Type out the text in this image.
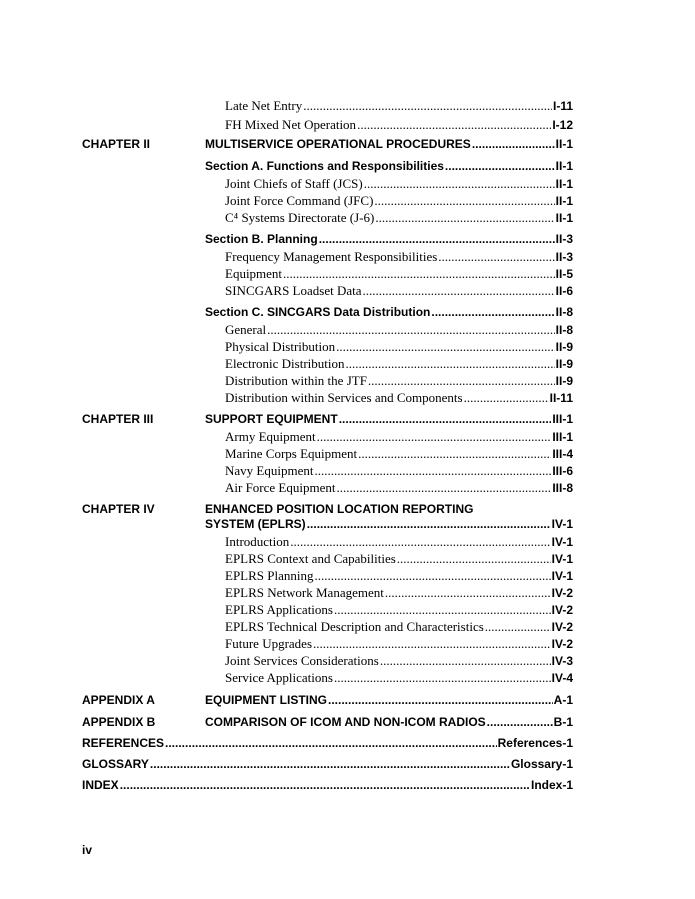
Late Net Entry .....	I-11
FH Mixed Net Operation .....	I-12
CHAPTER II	MULTISERVICE OPERATIONAL PROCEDURES .....	II-1
Section A. Functions and Responsibilities .....	II-1
Joint Chiefs of Staff (JCS) .....	II-1
Joint Force Command (JFC) .....	II-1
C⁴ Systems Directorate (J-6) .....	II-1
Section B. Planning .....	II-3
Frequency Management Responsibilities .....	II-3
Equipment .....	II-5
SINCGARS Loadset Data .....	II-6
Section C. SINCGARS Data Distribution .....	II-8
General .....	II-8
Physical Distribution .....	II-9
Electronic Distribution .....	II-9
Distribution within the JTF .....	II-9
Distribution within Services and Components .....	II-11
CHAPTER III	SUPPORT EQUIPMENT .....	III-1
Army Equipment .....	III-1
Marine Corps Equipment .....	III-4
Navy Equipment .....	III-6
Air Force Equipment .....	III-8
CHAPTER IV	ENHANCED POSITION LOCATION REPORTING
SYSTEM (EPLRS) .....	IV-1
Introduction .....	IV-1
EPLRS Context and Capabilities .....	IV-1
EPLRS Planning .....	IV-1
EPLRS Network Management .....	IV-2
EPLRS Applications .....	IV-2
EPLRS Technical Description and Characteristics .....	IV-2
Future Upgrades .....	IV-2
Joint Services Considerations .....	IV-3
Service Applications .....	IV-4
APPENDIX A	EQUIPMENT LISTING .....	A-1
APPENDIX B	COMPARISON OF ICOM AND NON-ICOM RADIOS .....	B-1
REFERENCES .....	References-1
GLOSSARY .....	Glossary-1
INDEX .....	Index-1
iv
